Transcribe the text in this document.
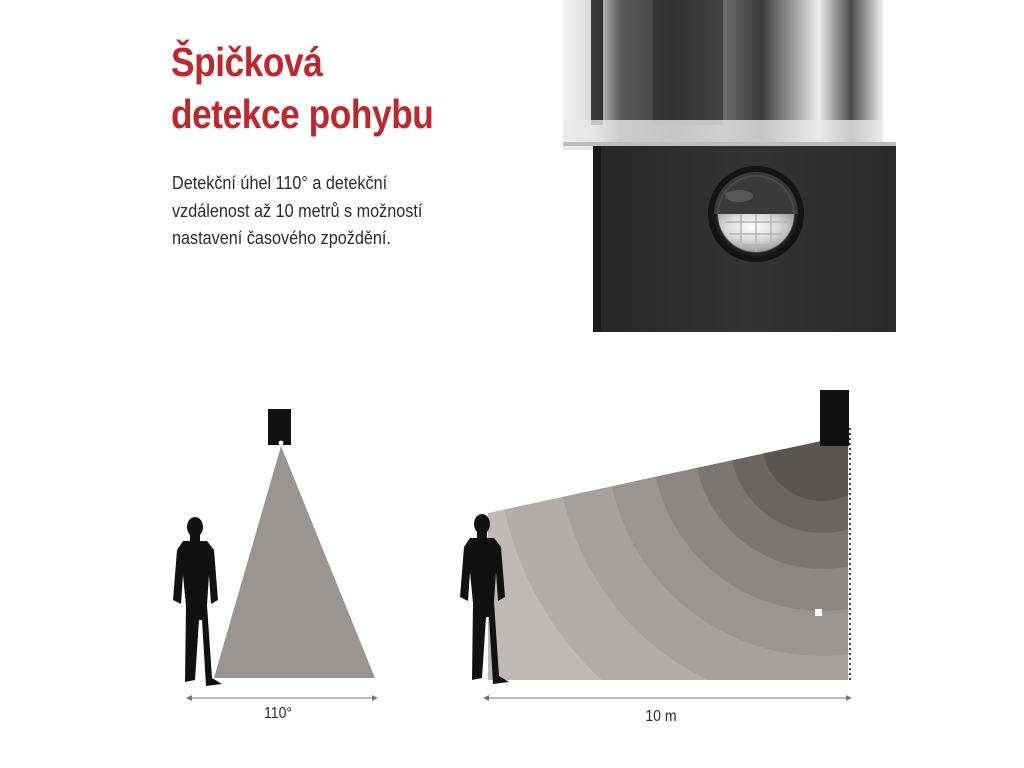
Špičková
detekce pohybu
Detekční úhel 110° a detekční
vzdálenost až 10 metrů s možností
nastavení časového zpoždění.
110°	10 m
